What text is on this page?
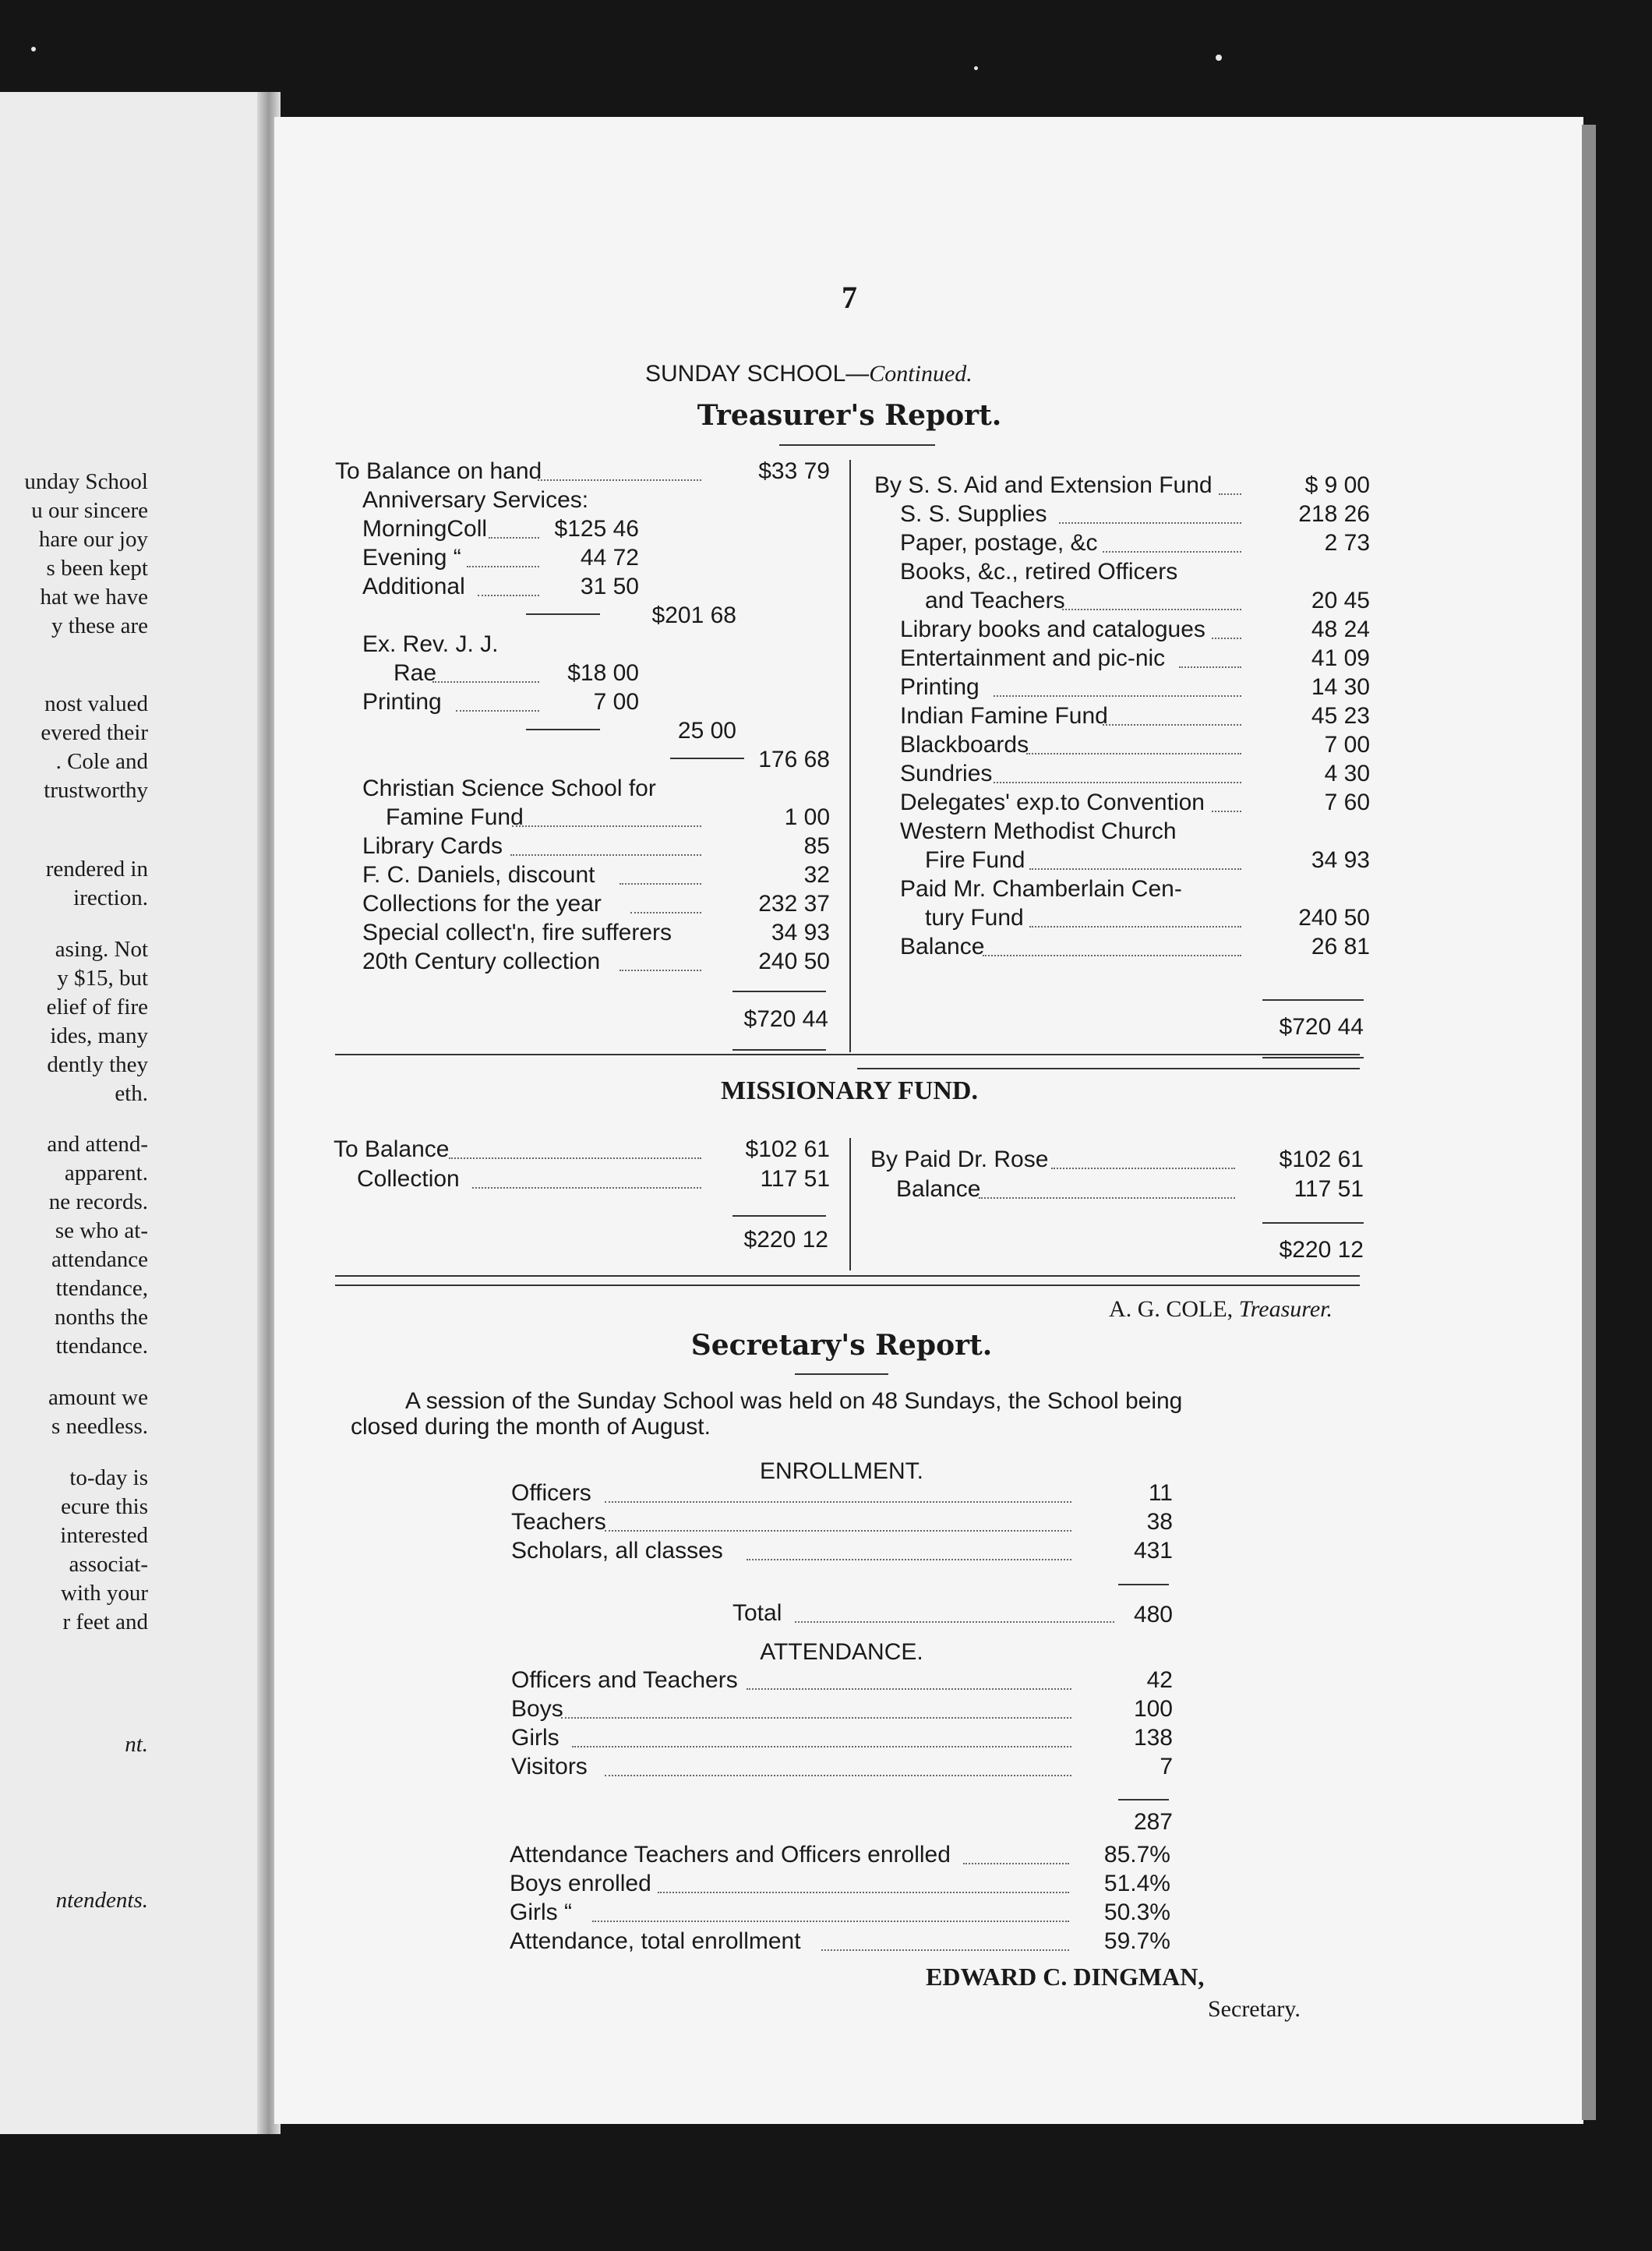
unday School
u our sincere
hare our joy
s been kept
hat we have
y these are
nost valued
evered their
. Cole and
trustworthy
rendered in
irection.
asing. Not
y $15, but
elief of fire
ides, many
dently they
eth.
and attend-
apparent.
ne records.
se who at-
attendance
ttendance,
nonths the
ttendance.
amount we
s needless.
to-day is
ecure this
interested
associat-
with your
r feet and
nt.
ntendents.
7
SUNDAY SCHOOL—Continued.
Treasurer's Report.
To Balance on hand	$33 79
Anniversary Services:
MorningColl	$125 46
Evening “	44 72
Additional	31 50
$201 68
Ex. Rev. J. J.
Rae	$18 00
Printing	7 00
25 00
176 68
Christian Science School for
Famine Fund	1 00
Library Cards	85
F. C. Daniels, discount	32
Collections for the year	232 37
Special collect'n, fire sufferers	34 93
20th Century collection	240 50
By S. S. Aid and Extension Fund	$ 9 00
S. S. Supplies	218 26
Paper, postage, &c	2 73
Books, &c., retired Officers
and Teachers	20 45
Library books and catalogues	48 24
Entertainment and pic-nic	41 09
Printing	14 30
Indian Famine Fund	45 23
Blackboards	7 00
Sundries	4 30
Delegates' exp.to Convention	7 60
Western Methodist Church
Fire Fund	34 93
Paid Mr. Chamberlain Cen-
tury Fund	240 50
Balance	26 81
$720 44	$720 44
MISSIONARY FUND.
To Balance	$102 61
Collection	117 51
By Paid Dr. Rose	$102 61
Balance	117 51
$220 12	$220 12
A. G. COLE, Treasurer.
Secretary's Report.
A session of the Sunday School was held on 48 Sundays, the School being
closed during the month of August.
ENROLLMENT.
Officers	11
Teachers	38
Scholars, all classes	431
Total	480
ATTENDANCE.
Officers and Teachers	42
Boys	100
Girls	138
Visitors	7
287
Attendance Teachers and Officers enrolled	85.7%
Boys enrolled	51.4%
Girls “	50.3%
Attendance, total enrollment	59.7%
EDWARD C. DINGMAN,
Secretary.
